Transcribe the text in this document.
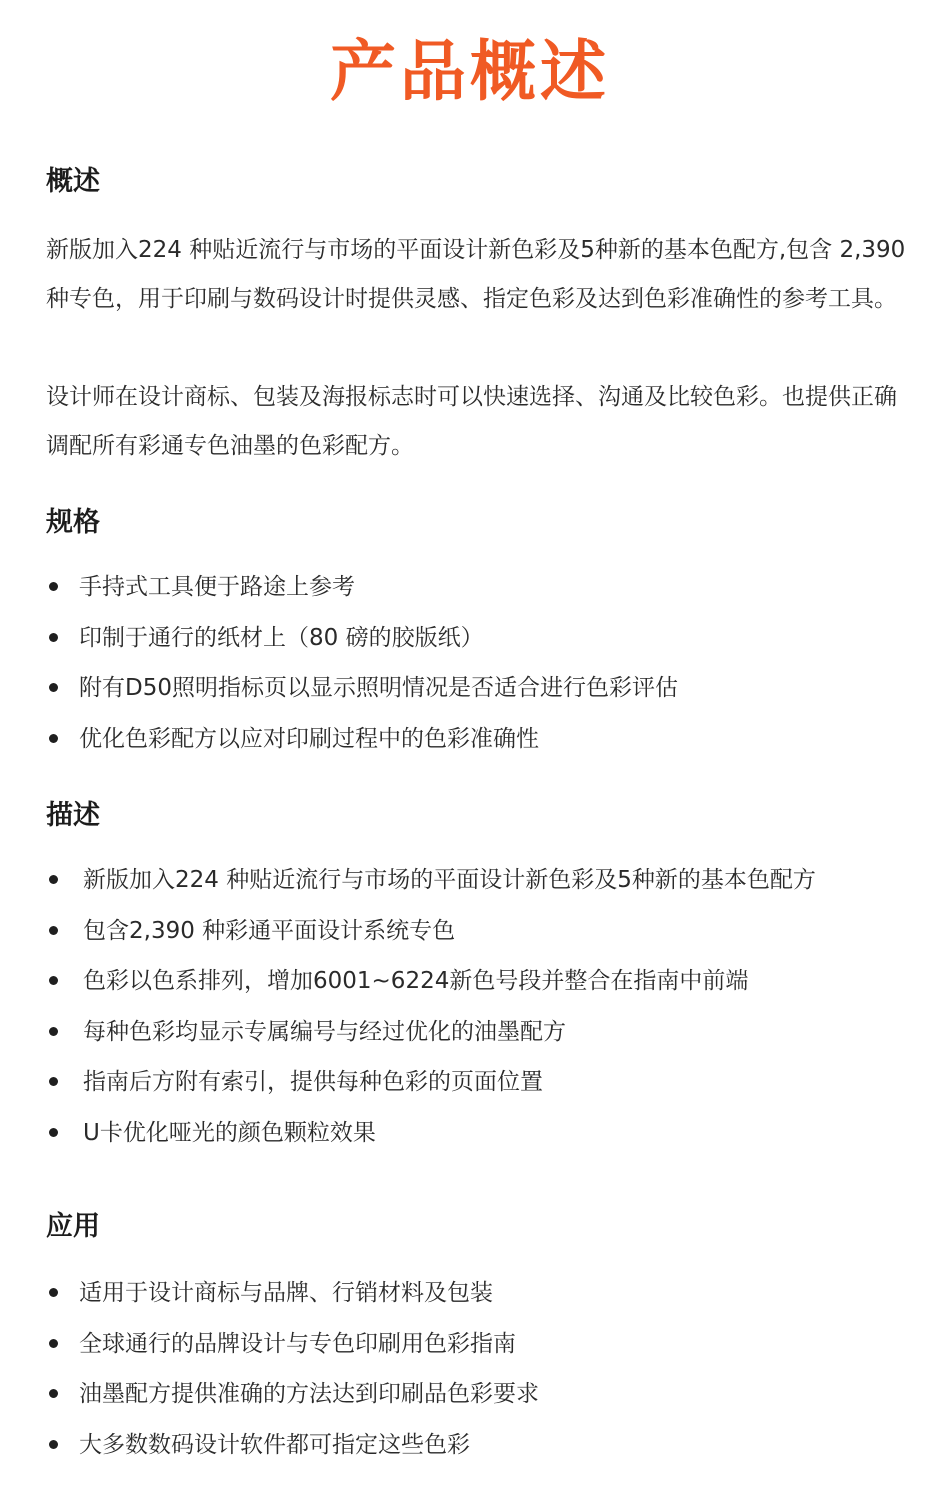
产品概述
概述
新版加入224 种贴近流行与市场的平面设计新色彩及5种新的基本色配方,包含 2,390 种专色，用于印刷与数码设计时提供灵感、指定色彩及达到色彩准确性的参考工具。
设计师在设计商标、包装及海报标志时可以快速选择、沟通及比较色彩。也提供正确调配所有彩通专色油墨的色彩配方。
规格
手持式工具便于路途上参考
印制于通行的纸材上（80 磅的胶版纸）
附有D50照明指标页以显示照明情况是否适合进行色彩评估
优化色彩配方以应对印刷过程中的色彩准确性
描述
新版加入224 种贴近流行与市场的平面设计新色彩及5种新的基本色配方
包含2,390 种彩通平面设计系统专色
色彩以色系排列，增加6001~6224新色号段并整合在指南中前端
每种色彩均显示专属编号与经过优化的油墨配方
指南后方附有索引，提供每种色彩的页面位置
U卡优化哑光的颜色颗粒效果
应用
适用于设计商标与品牌、行销材料及包装
全球通行的品牌设计与专色印刷用色彩指南
油墨配方提供准确的方法达到印刷品色彩要求
大多数数码设计软件都可指定这些色彩
